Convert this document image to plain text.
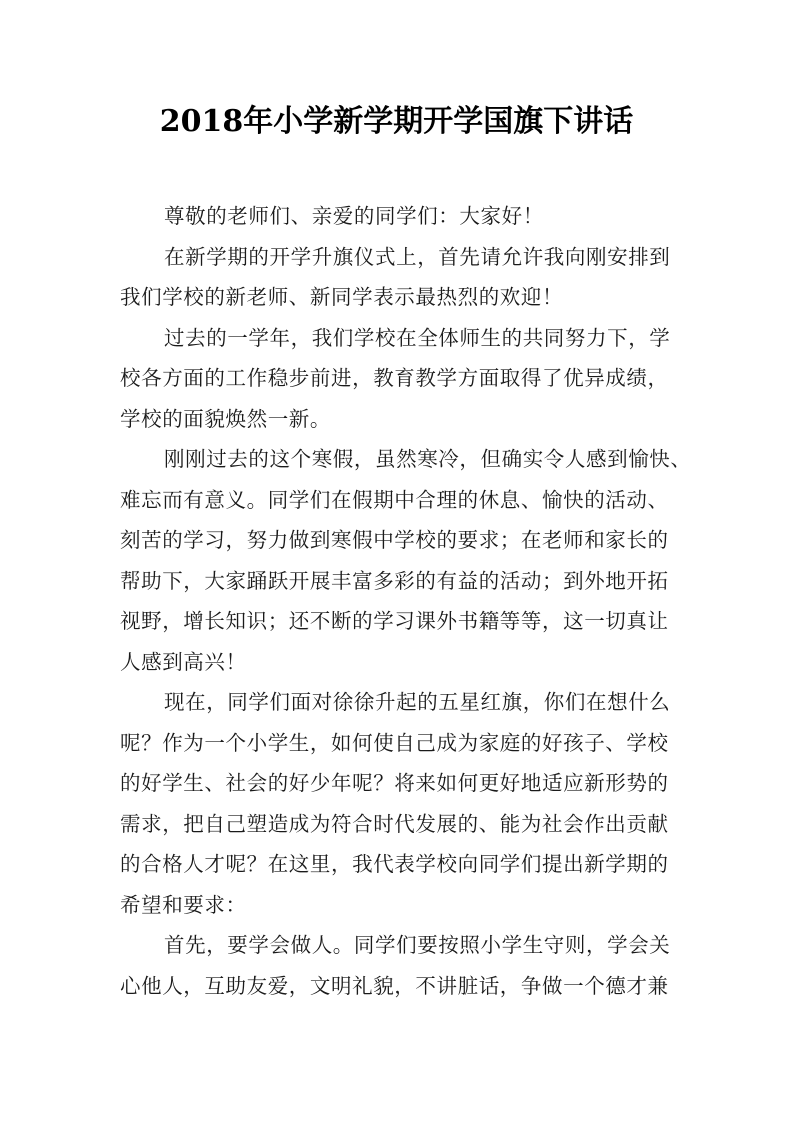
2018年小学新学期开学国旗下讲话
尊敬的老师们、亲爱的同学们：大家好！
在新学期的开学升旗仪式上，首先请允许我向刚安排到
我们学校的新老师、新同学表示最热烈的欢迎！
过去的一学年，我们学校在全体师生的共同努力下，学
校各方面的工作稳步前进，教育教学方面取得了优异成绩，
学校的面貌焕然一新。
刚刚过去的这个寒假，虽然寒冷，但确实令人感到愉快、
难忘而有意义。同学们在假期中合理的休息、愉快的活动、
刻苦的学习，努力做到寒假中学校的要求；在老师和家长的
帮助下，大家踊跃开展丰富多彩的有益的活动；到外地开拓
视野，增长知识；还不断的学习课外书籍等等，这一切真让
人感到高兴！
现在，同学们面对徐徐升起的五星红旗，你们在想什么
呢？作为一个小学生，如何使自己成为家庭的好孩子、学校
的好学生、社会的好少年呢？将来如何更好地适应新形势的
需求，把自己塑造成为符合时代发展的、能为社会作出贡献
的合格人才呢？在这里，我代表学校向同学们提出新学期的
希望和要求：
首先，要学会做人。同学们要按照小学生守则，学会关
心他人，互助友爱，文明礼貌，不讲脏话，争做一个德才兼
